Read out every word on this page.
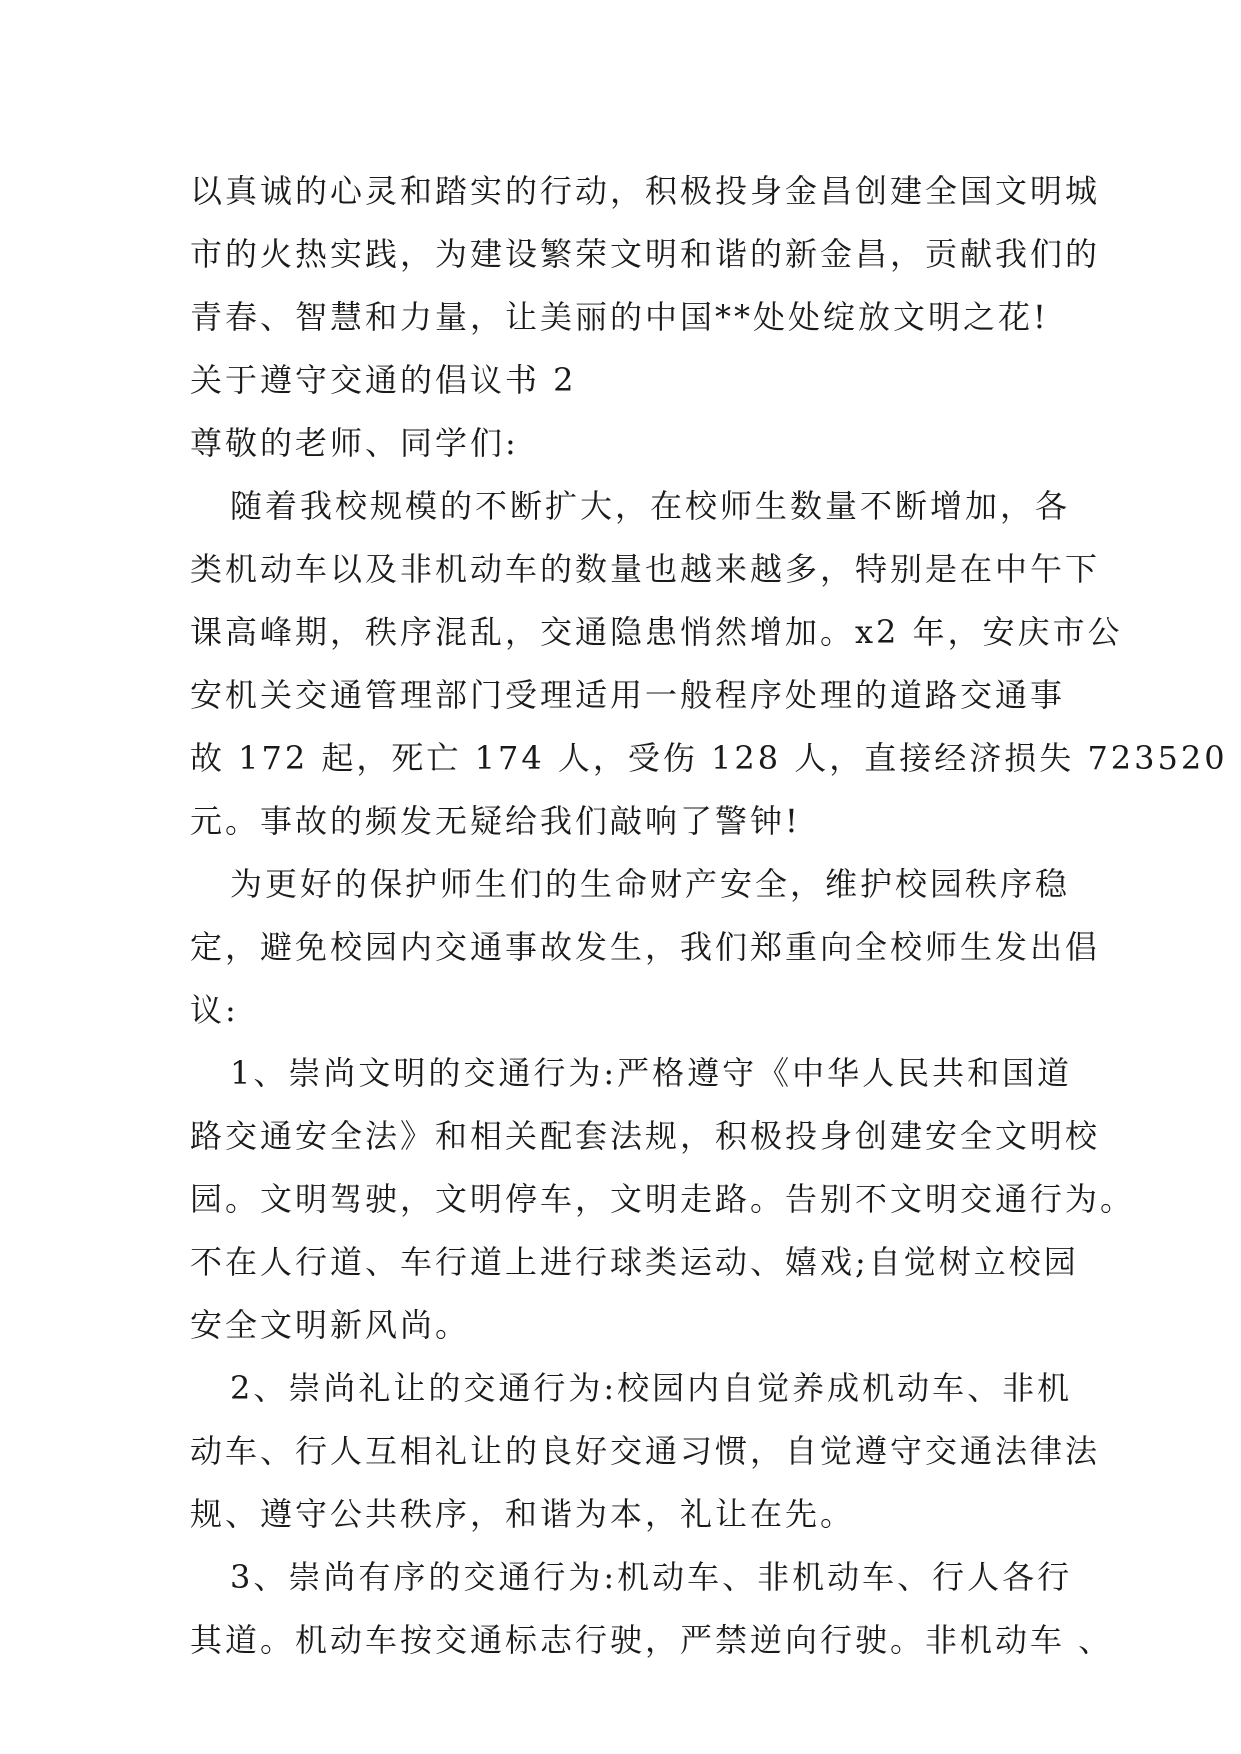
以真诚的心灵和踏实的行动，积极投身金昌创建全国文明城
市的火热实践，为建设繁荣文明和谐的新金昌，贡献我们的
青春、智慧和力量，让美丽的中国**处处绽放文明之花!
关于遵守交通的倡议书 2
尊敬的老师、同学们:
随着我校规模的不断扩大，在校师生数量不断增加，各
类机动车以及非机动车的数量也越来越多，特别是在中午下
课高峰期，秩序混乱，交通隐患悄然增加。x2 年，安庆市公
安机关交通管理部门受理适用一般程序处理的道路交通事
故 172 起，死亡 174 人，受伤 128 人，直接经济损失 723520
元。事故的频发无疑给我们敲响了警钟!
为更好的保护师生们的生命财产安全，维护校园秩序稳
定，避免校园内交通事故发生，我们郑重向全校师生发出倡
议:
1、崇尚文明的交通行为:严格遵守《中华人民共和国道
路交通安全法》和相关配套法规，积极投身创建安全文明校
园。文明驾驶，文明停车，文明走路。告别不文明交通行为。
不在人行道、车行道上进行球类运动、嬉戏;自觉树立校园
安全文明新风尚。
2、崇尚礼让的交通行为:校园内自觉养成机动车、非机
动车、行人互相礼让的良好交通习惯，自觉遵守交通法律法
规、遵守公共秩序，和谐为本，礼让在先。
3、崇尚有序的交通行为:机动车、非机动车、行人各行
其道。机动车按交通标志行驶，严禁逆向行驶。非机动车 、
